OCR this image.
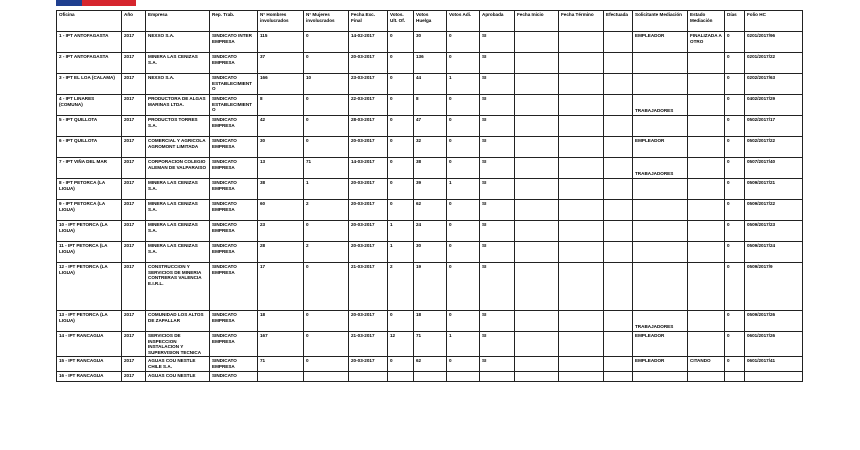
Oficina	Año	Empresa	Rep. Trab.	N° Hombres involucrados	N° Mujeres involucrados	Fecha Exc. Final	Votos. Ult. Of.	Votos Huelga	Votos Adi.	Aprobada	Fecha Inicio	Fecha Término	Efectuada	Solicitante Mediación	Estado Mediación	Días	Folio HC
1 - IPT ANTOFAGASTA	2017	NEXXO S.A.	SINDICATO INTER EMPRESA	115	0	14-02-2017	0	30	0	SI				EMPLEADOR	FINALIZADA A OTRO	0	0201/2017/96
2 - IPT ANTOFAGASTA	2017	MINERA LAS CENIZAS S.A.	SINDICATO EMPRESA	37	0	20-03-2017	0	136	0	SI						0	0201/2017/22
3 - IPT EL LOA (CALAMA)	2017	NEXXO S.A.	SINDICATO ESTABLECIMIENTO	166	10	23-03-2017	0	44	1	SI						0	0202/2017/63
4 - IPT LINARES (COMUNA)	2017	PRODUCTORA DE ALGAS MARINAS LTDA.	SINDICATO ESTABLECIMIENTO	8	0	22-03-2017	0	8	0	SI				TRABAJADORES		0	0402/2017/29
5 - IPT QUILLOTA	2017	PRODUCTOS TORRES S.A.	SINDICATO EMPRESA	42	0	28-03-2017	0	47	0	SI						0	0502/2017/17
6 - IPT QUILLOTA	2017	COMERCIAL Y AGRICOLA AGROMONT LIMITADA	SINDICATO EMPRESA	30	0	20-03-2017	0	32	0	SI				EMPLEADOR		0	0502/2017/22
7 - IPT VIÑA DEL MAR	2017	CORPORACION COLEGIO ALEMAN DE VALPARAISO	SINDICATO EMPRESA	13	71	14-03-2017	0	38	0	SI				TRABAJADORES		0	0507/2017/40
8 - IPT PETORCA (LA LIGUA)	2017	MINERA LAS CENIZAS S.A.	SINDICATO EMPRESA	38	1	20-03-2017	0	39	1	SI						0	0509/2017/21
9 - IPT PETORCA (LA LIGUA)	2017	MINERA LAS CENIZAS S.A.	SINDICATO EMPRESA	60	2	20-03-2017	0	62	0	SI						0	0509/2017/22
10 - IPT PETORCA (LA LIGUA)	2017	MINERA LAS CENIZAS S.A.	SINDICATO EMPRESA	23	0	20-03-2017	1	24	0	SI						0	0509/2017/23
11 - IPT PETORCA (LA LIGUA)	2017	MINERA LAS CENIZAS S.A.	SINDICATO EMPRESA	28	2	20-03-2017	1	30	0	SI						0	0509/2017/24
12 - IPT PETORCA (LA LIGUA)	2017	CONSTRUCCION Y SERVICIOS DE MINERIA CONTRERAS VALENCIA E.I.R.L.	SINDICATO EMPRESA	17	0	21-03-2017	2	19	0	SI						0	0509/2017/9
13 - IPT PETORCA (LA LIGUA)	2017	COMUNIDAD LOS ALTOS DE ZAPALLAR	SINDICATO EMPRESA	18	0	20-03-2017	0	18	0	SI				TRABAJADORES		0	0509/2017/26
14 - IPT RANCAGUA	2017	SERVICIOS DE INSPECCION INSTALACION Y SUPERVISION TECNICA	SINDICATO EMPRESA	167	0	21-03-2017	12	71	1	SI				EMPLEADOR		0	0601/2017/26
15 - IPT RANCAGUA	2017	AGUAS COU NESTLE CHILE S.A.	SINDICATO EMPRESA	71	0	20-03-2017	0	62	0	SI				EMPLEADOR	CITANDO	0	0601/2017/41
16 - IPT RANCAGUA	2017	AGUAS COU NESTLE	SINDICATO														
